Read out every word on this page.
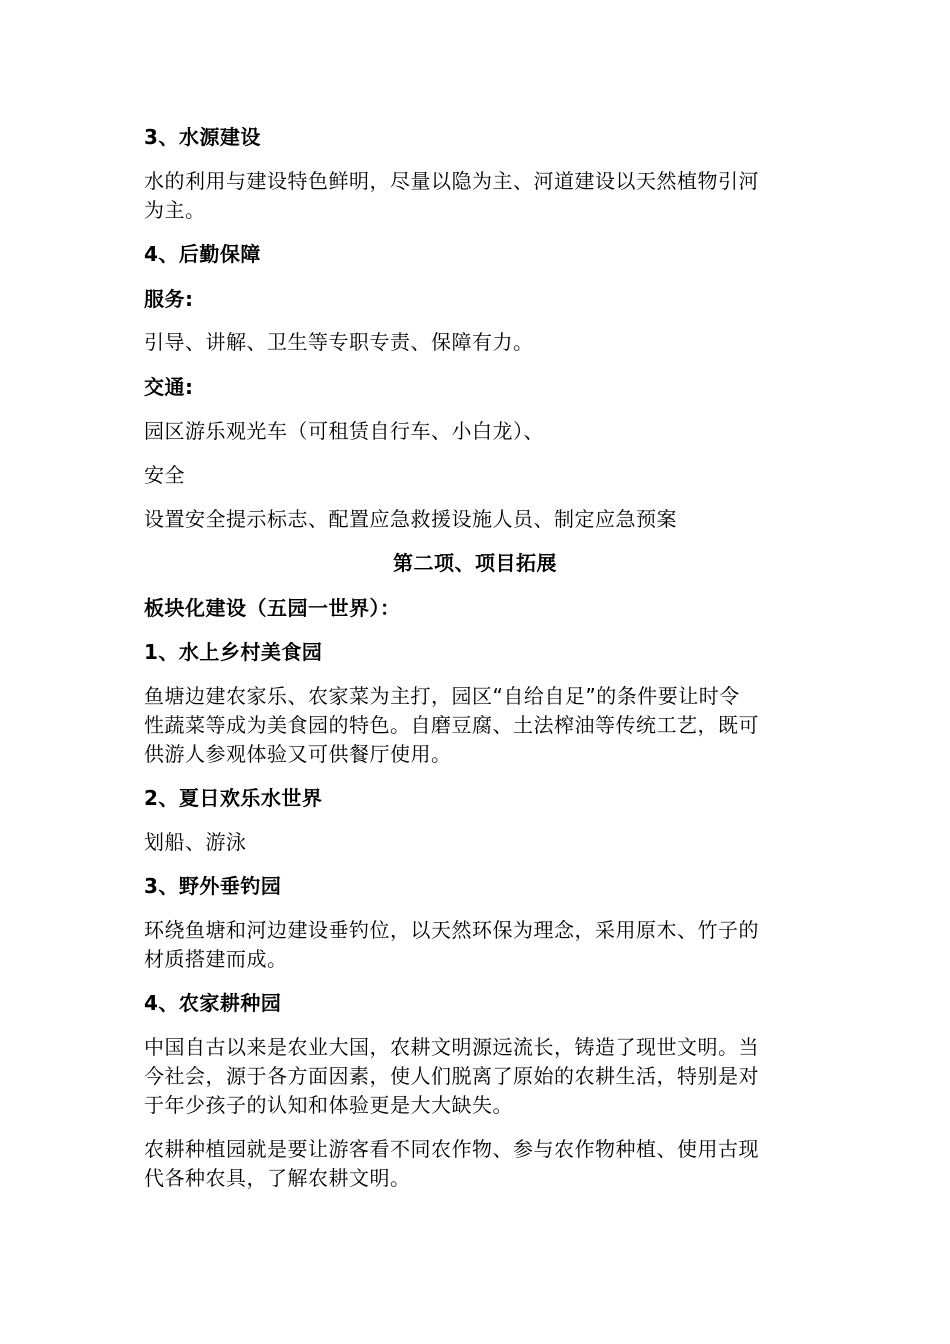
3、水源建设
水的利用与建设特色鲜明，尽量以隐为主、河道建设以天然植物引河
为主。
4、后勤保障
服务:
引导、讲解、卫生等专职专责、保障有力。
交通:
园区游乐观光车（可租赁自行车、小白龙）、
安全
设置安全提示标志、配置应急救援设施人员、制定应急预案
第二项、项目拓展
板块化建设（五园一世界）：
1、水上乡村美食园
鱼塘边建农家乐、农家菜为主打，园区“自给自足”的条件要让时令
性蔬菜等成为美食园的特色。自磨豆腐、土法榨油等传统工艺，既可
供游人参观体验又可供餐厅使用。
2、夏日欢乐水世界
划船、游泳
3、野外垂钓园
环绕鱼塘和河边建设垂钓位，以天然环保为理念，采用原木、竹子的
材质搭建而成。
4、农家耕种园
中国自古以来是农业大国，农耕文明源远流长，铸造了现世文明。当
今社会，源于各方面因素，使人们脱离了原始的农耕生活，特别是对
于年少孩子的认知和体验更是大大缺失。
农耕种植园就是要让游客看不同农作物、参与农作物种植、使用古现
代各种农具，了解农耕文明。
